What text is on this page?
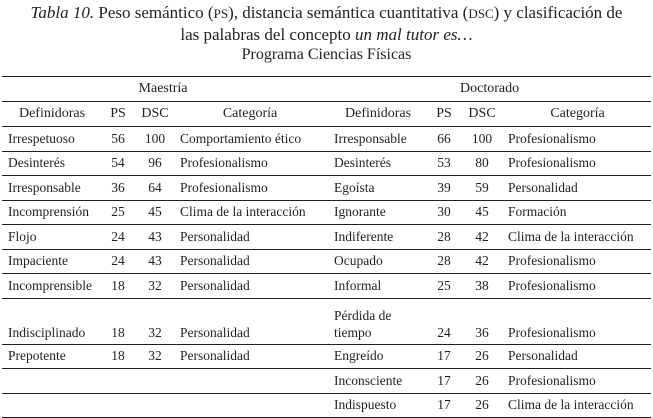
Tabla 10. Peso semántico (PS), distancia semántica cuantitativa (DSC) y clasificación de
las palabras del concepto un mal tutor es…
Programa Ciencias Físicas
Maestría					Doctorado			
Definidoras	PS	DSC	Categoría		Definidoras	PS	DSC	Categoría
Irrespetuoso	56	100	Comportamiento ético		Irresponsable	66	100	Profesionalismo
Desinterés	54	96	Profesionalismo		Desinterés	53	80	Profesionalismo
Irresponsable	36	64	Profesionalismo		Egoísta	39	59	Personalidad
Incomprensión	25	45	Clima de la interacción		Ignorante	30	45	Formación
Flojo	24	43	Personalidad		Indiferente	28	42	Clima de la interacción
Impaciente	24	43	Personalidad		Ocupado	28	42	Profesionalismo
Incomprensible	18	32	Personalidad		Informal	25	38	Profesionalismo
Indisciplinado	18	32	Personalidad		Pérdida de tiempo	24	36	Profesionalismo
Prepotente	18	32	Personalidad		Engreído	17	26	Personalidad
					Inconsciente	17	26	Profesionalismo
					Indispuesto	17	26	Clima de la interacción
